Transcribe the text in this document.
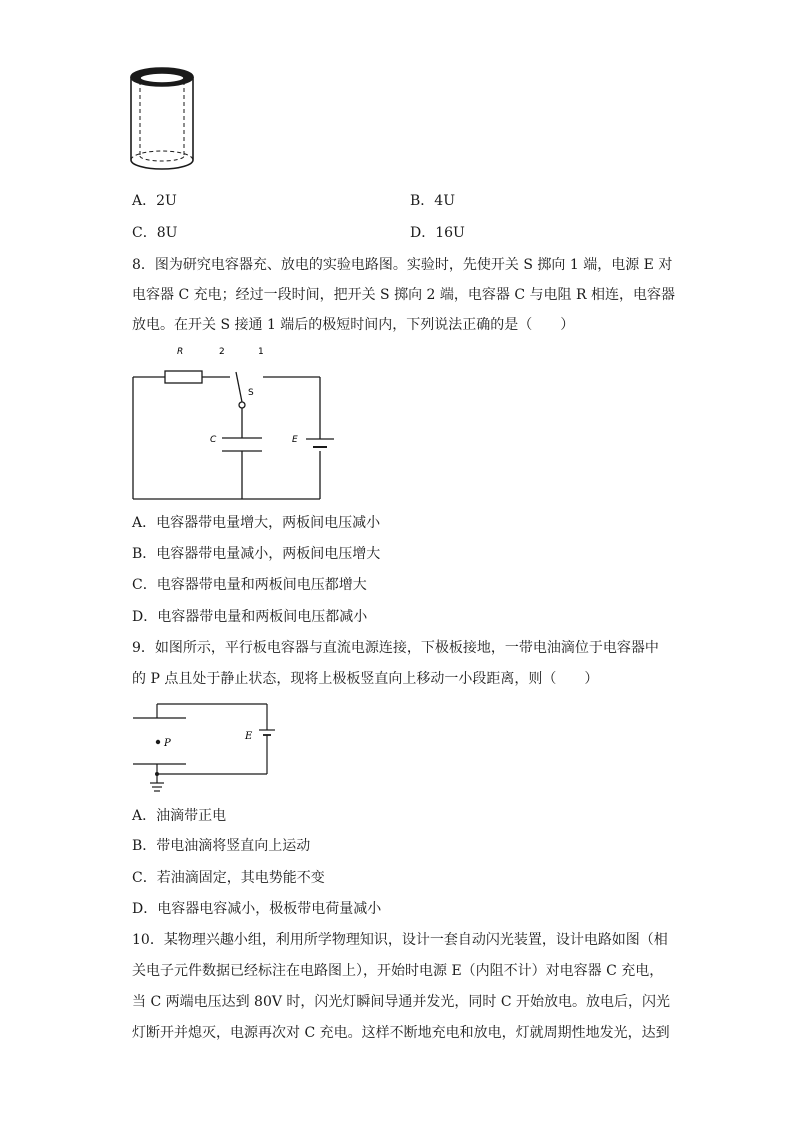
A．2U	B．4U
C．8U	D．16U
8．图为研究电容器充、放电的实验电路图。实验时，先使开关 S 掷向 1 端，电源 E 对
电容器 C 充电；经过一段时间，把开关 S 掷向 2 端，电容器 C 与电阻 R 相连，电容器
放电。在开关 S 接通 1 端后的极短时间内，下列说法正确的是（　　）
R	2	1
S
C	E
A．电容器带电量增大，两板间电压减小
B．电容器带电量减小，两板间电压增大
C．电容器带电量和两板间电压都增大
D．电容器带电量和两板间电压都减小
9．如图所示，平行板电容器与直流电源连接，下极板接地，一带电油滴位于电容器中
的 P 点且处于静止状态，现将上极板竖直向上移动一小段距离，则（　　）
P
E
A．油滴带正电
B．带电油滴将竖直向上运动
C．若油滴固定，其电势能不变
D．电容器电容减小，极板带电荷量减小
10．某物理兴趣小组，利用所学物理知识，设计一套自动闪光装置，设计电路如图（相
关电子元件数据已经标注在电路图上），开始时电源 E（内阻不计）对电容器 C 充电，
当 C 两端电压达到 80V 时，闪光灯瞬间导通并发光，同时 C 开始放电。放电后，闪光
灯断开并熄灭，电源再次对 C 充电。这样不断地充电和放电，灯就周期性地发光，达到
